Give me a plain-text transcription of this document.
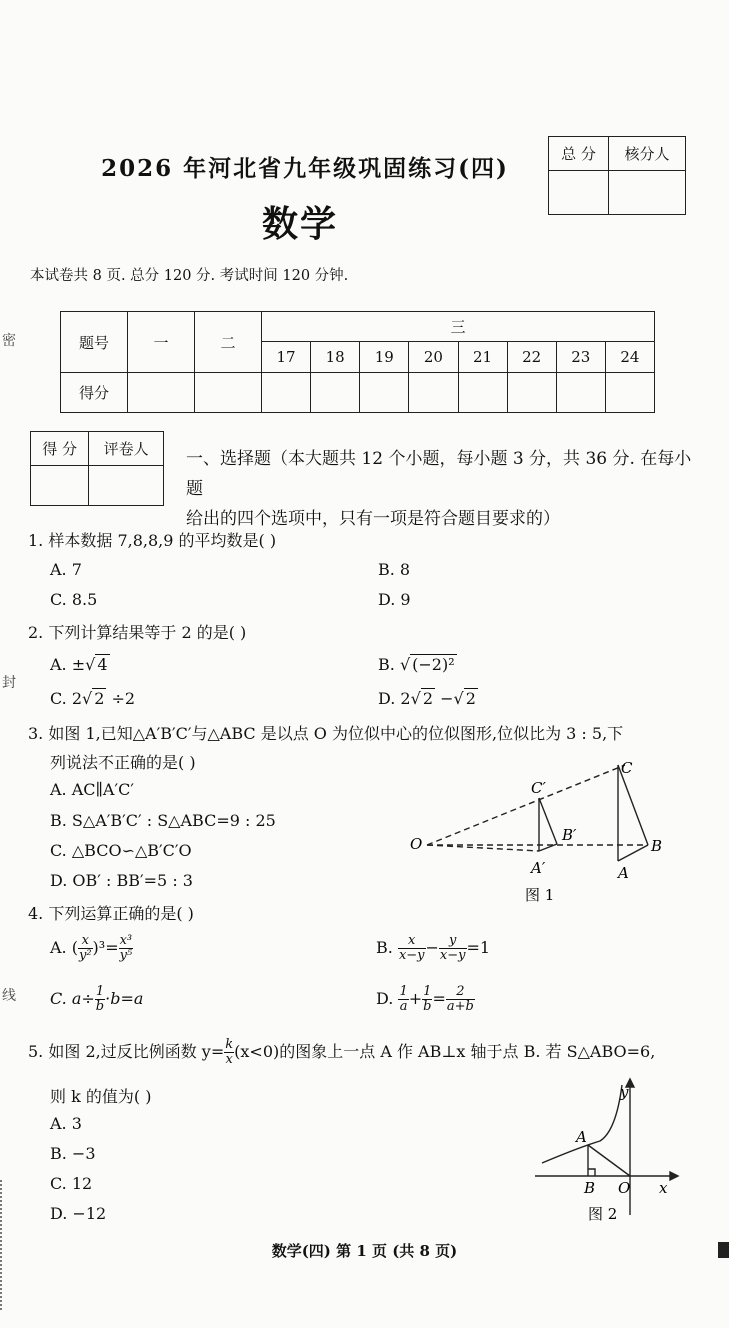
密
封
线
2026 年河北省九年级巩固练习(四)
数学
总 分	核分人

本试卷共 8 页. 总分 120 分. 考试时间 120 分钟.
题号	一	二	三							
			17	18	19	20	21	22	23	24
得分										
得 分	评卷人
	一、选择题（本大题共 12 个小题，每小题 3 分，共 36 分. 在每小题
给出的四个选项中，只有一项是符合题目要求的）
1. 样本数据 7,8,8,9 的平均数是( )
A. 7	B. 8
C. 8.5	D. 9
2. 下列计算结果等于 2 的是( )
A. ±√ 4	B. √ (−2)²
C. 2√ 2 ÷2	D. 2√ 2 −√ 2
3. 如图 1,已知△A′B′C′与△ABC 是以点 O 为位似中心的位似图形,位似比为 3 : 5,下
列说法不正确的是( )
A. AC∥A′C′
B. S△A′B′C′ : S△ABC=9 : 25
C. △BCO∽△B′C′O
D. OB′ : BB′=5 : 3
O
C′
B′
A′
C
B
A
图 1
4. 下列运算正确的是( )
A. ( $\frac{x}{\text{y²}} )^3= \frac{\text{x³}}{\text{y⁵}}$	B. $\frac{x}{x-y} - \frac{y}{x-y} =1$
C. $a\div \frac{1}{b} \cdot b=a$	D. $\frac{1}{a} + \frac{1}{b} = \frac{2}{a+b}$
5. 如图 2,过反比例函数 $y= \frac{k}{x} (x<0)$的图象上一点 A 作 AB⊥x 轴于点 B. 若 S△ABO=6,
则 k 的值为( )
A. 3
B. −3
C. 12
D. −12
A
B O x
y
图 2
数学(四) 第 1 页 (共 8 页)
